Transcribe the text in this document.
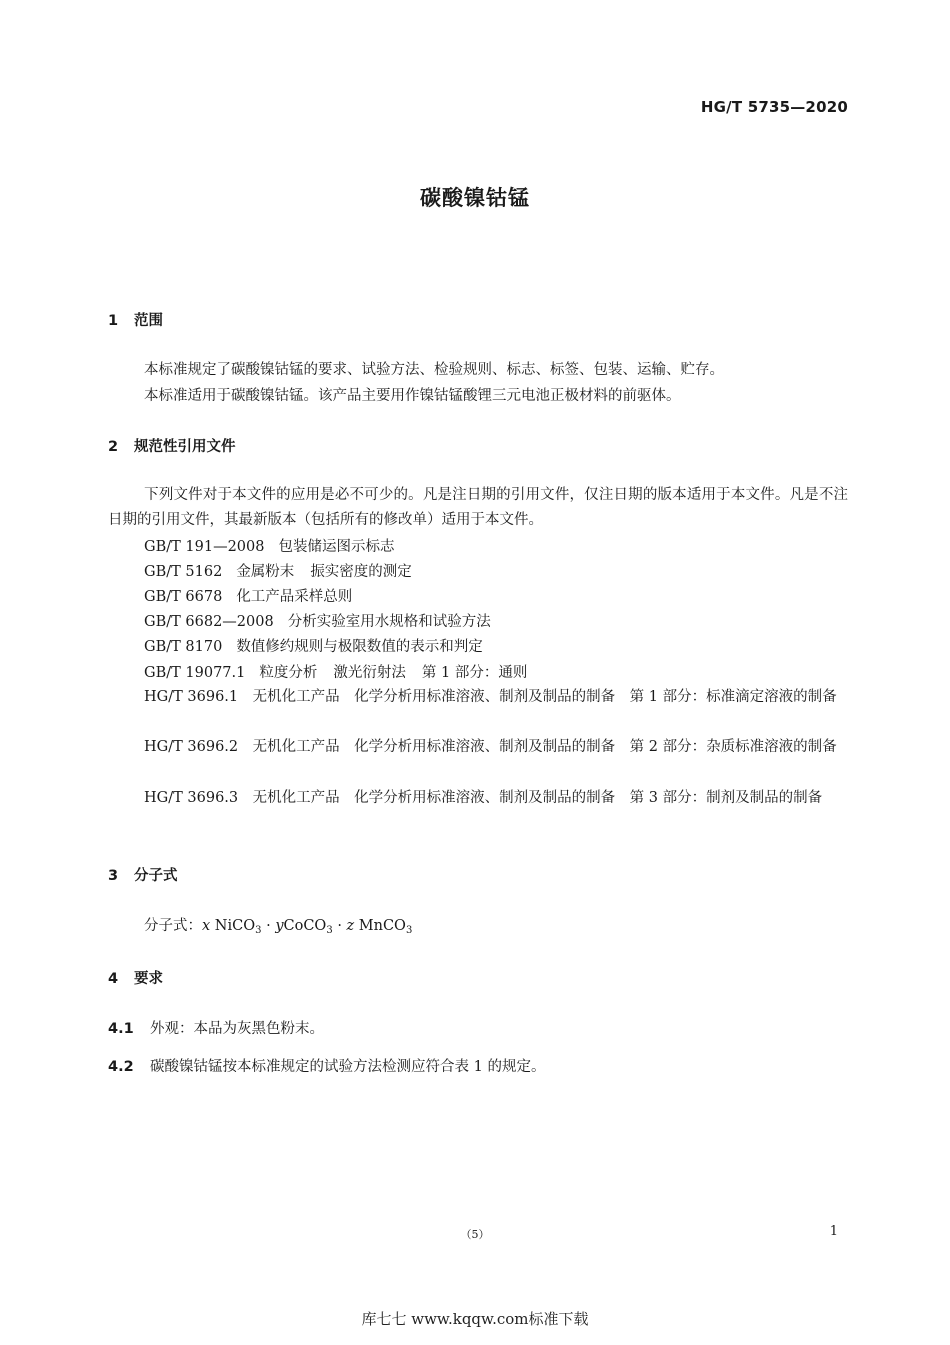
HG/T 5735—2020
碳酸镍钴锰
1 范围
本标准规定了碳酸镍钴锰的要求、试验方法、检验规则、标志、标签、包装、运输、贮存。
本标准适用于碳酸镍钴锰。该产品主要用作镍钴锰酸锂三元电池正极材料的前驱体。
2 规范性引用文件
下列文件对于本文件的应用是必不可少的。凡是注日期的引用文件，仅注日期的版本适用于本文件。凡是不注日期的引用文件，其最新版本（包括所有的修改单）适用于本文件。
GB/T 191—2008 包装储运图示标志
GB/T 5162 金属粉末 振实密度的测定
GB/T 6678 化工产品采样总则
GB/T 6682—2008 分析实验室用水规格和试验方法
GB/T 8170 数值修约规则与极限数值的表示和判定
GB/T 19077.1 粒度分析 激光衍射法 第 1 部分：通则
HG/T 3696.1　无机化工产品　化学分析用标准溶液、制剂及制品的制备　第 1 部分：标准滴定溶液的制备
HG/T 3696.2　无机化工产品　化学分析用标准溶液、制剂及制品的制备　第 2 部分：杂质标准溶液的制备
HG/T 3696.3　无机化工产品　化学分析用标准溶液、制剂及制品的制备　第 3 部分：制剂及制品的制备
3 分子式
分子式：x NiCO$_3$ · yCoCO$_3$ · z MnCO$_3$
4 要求
4.1 外观：本品为灰黑色粉末。
4.2 碳酸镍钴锰按本标准规定的试验方法检测应符合表 1 的规定。
（5）	1
库七七 www.kqqw.com标准下载
